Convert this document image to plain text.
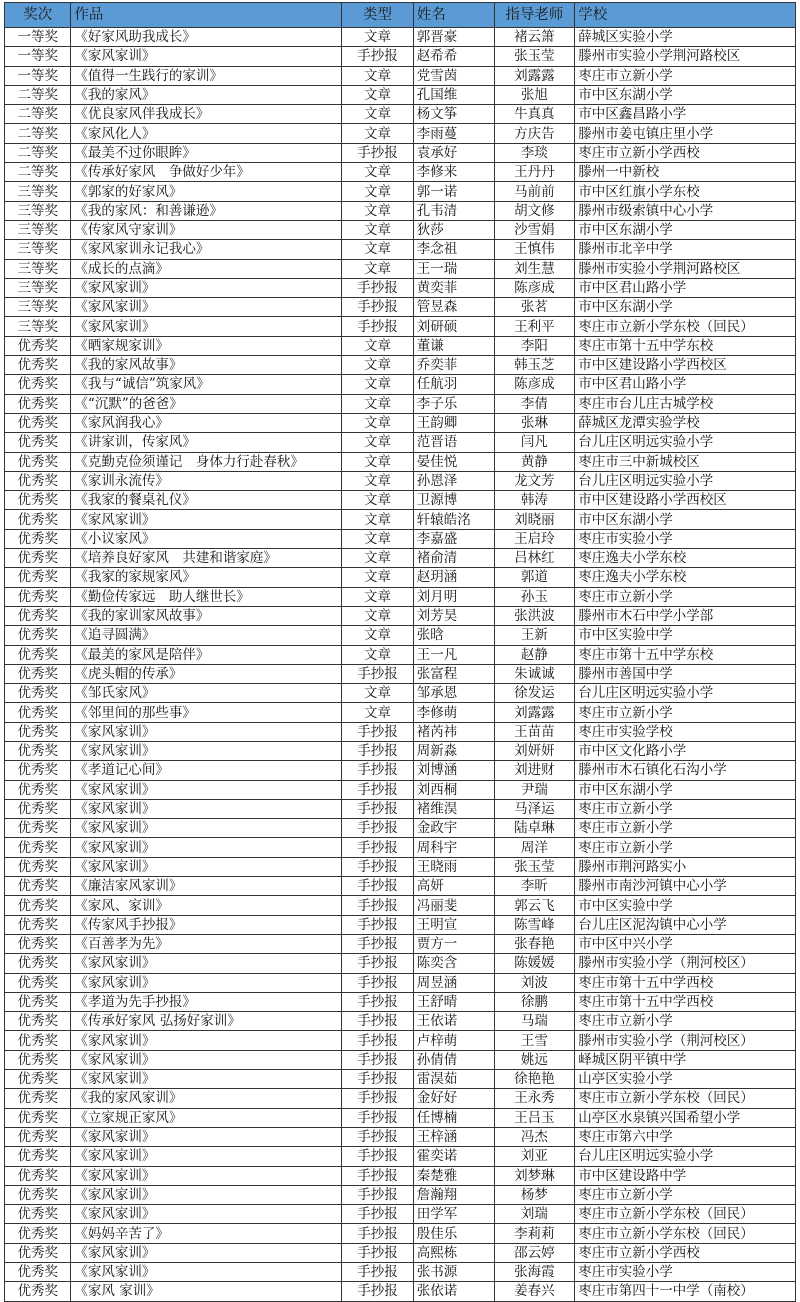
奖次	作品	类型	姓名	指导老师	学校
一等奖	《好家风助我成长》	文章	郭晋豪	褚云箫	薛城区实验小学
一等奖	《家风家训》	手抄报	赵希希	张玉莹	滕州市实验小学荆河路校区
一等奖	《值得一生践行的家训》	文章	党雪茵	刘露露	枣庄市立新小学
二等奖	《我的家风》	文章	孔国维	张旭	市中区东湖小学
二等奖	《优良家风伴我成长》	文章	杨文筝	牛真真	市中区鑫昌路小学
二等奖	《家风化人》	文章	李雨蔓	方庆告	滕州市姜屯镇庄里小学
二等奖	《最美不过你眼眸》	手抄报	袁承好	李琰	枣庄市立新小学西校
二等奖	《传承好家风　争做好少年》	文章	李修来	王丹丹	滕州一中新校
三等奖	《郭家的好家风》	文章	郭一诺	马前前	市中区红旗小学东校
三等奖	《我的家风：和善谦逊》	文章	孔韦清	胡文修	滕州市级索镇中心小学
三等奖	《传家风守家训》	文章	狄莎	沙雪娟	市中区东湖小学
三等奖	《家风家训永记我心》	文章	李念祖	王慎伟	滕州市北辛中学
三等奖	《成长的点滴》	文章	王一瑞	刘生慧	滕州市实验小学荆河路校区
三等奖	《家风家训》	手抄报	黄奕菲	陈彦成	市中区君山路小学
三等奖	《家风家训》	手抄报	管昱森	张茗	市中区东湖小学
三等奖	《家风家训》	手抄报	刘研硕	王利平	枣庄市立新小学东校（回民）
优秀奖	《晒家规家训》	文章	董谦	李阳	枣庄市第十五中学东校
优秀奖	《我的家风故事》	文章	乔奕菲	韩玉芝	市中区建设路小学西校区
优秀奖	《我与“诚信”筑家风》	文章	任航羽	陈彦成	市中区君山路小学
优秀奖	《“沉默”的爸爸》	文章	李子乐	李倩	枣庄市台儿庄古城学校
优秀奖	《家风润我心》	文章	王韵卿	张琳	薛城区龙潭实验学校
优秀奖	《讲家训，传家风》	文章	范晋语	闫凡	台儿庄区明远实验小学
优秀奖	《克勤克俭须谨记　身体力行赴春秋》	文章	晏佳悦	黄静	枣庄市三中新城校区
优秀奖	《家训永流传》	文章	孙恩泽	龙文芳	台儿庄区明远实验小学
优秀奖	《我家的餐桌礼仪》	文章	卫源博	韩涛	市中区建设路小学西校区
优秀奖	《家风家训》	文章	轩辕皓洺	刘晓丽	市中区东湖小学
优秀奖	《小议家风》	文章	李嘉盛	王启玲	枣庄市实验小学
优秀奖	《培养良好家风　共建和谐家庭》	文章	褚俞清	吕林红	枣庄逸夫小学东校
优秀奖	《我家的家规家风》	文章	赵玥涵	郭道	枣庄逸夫小学东校
优秀奖	《勤俭传家远　助人继世长》	文章	刘月明	孙玉	枣庄市立新小学
优秀奖	《我的家训家风故事》	文章	刘芳昊	张洪波	滕州市木石中学小学部
优秀奖	《追寻圆满》	文章	张晗	王新	市中区实验中学
优秀奖	《最美的家风是陪伴》	文章	王一凡	赵静	枣庄市第十五中学东校
优秀奖	《虎头帽的传承》	手抄报	张富程	朱诚诚	滕州市善国中学
优秀奖	《邹氏家风》	文章	邹承恩	徐发运	台儿庄区明远实验小学
优秀奖	《邻里间的那些事》	文章	李修萌	刘露露	枣庄市立新小学
优秀奖	《家风家训》	手抄报	褚芮祎	王苗苗	枣庄市实验学校
优秀奖	《家风家训》	手抄报	周新淼	刘妍妍	市中区文化路小学
优秀奖	《孝道记心间》	手抄报	刘博涵	刘进财	滕州市木石镇化石沟小学
优秀奖	《家风家训》	手抄报	刘西桐	尹瑞	市中区东湖小学
优秀奖	《家风家训》	手抄报	褚维淏	马泽运	枣庄市立新小学
优秀奖	《家风家训》	手抄报	金政宇	陆卓琳	枣庄市立新小学
优秀奖	《家风家训》	手抄报	周科宇	周洋	枣庄市立新小学
优秀奖	《家风家训》	手抄报	王晓雨	张玉莹	滕州市荆河路实小
优秀奖	《廉洁家风家训》	手抄报	高妍	李昕	滕州市南沙河镇中心小学
优秀奖	《家风、家训》	手抄报	冯丽斐	郭云飞	市中区实验中学
优秀奖	《传家风手抄报》	手抄报	王明宣	陈雪峰	台儿庄区泥沟镇中心小学
优秀奖	《百善孝为先》	手抄报	贾方一	张春艳	市中区中兴小学
优秀奖	《家风家训》	手抄报	陈奕含	陈媛媛	滕州市实验小学（荆河校区）
优秀奖	《家风家训》	手抄报	周昱涵	刘波	枣庄市第十五中学西校
优秀奖	《孝道为先手抄报》	手抄报	王舒晴	徐鹏	枣庄市第十五中学西校
优秀奖	《传承好家风 弘扬好家训》	手抄报	王依诺	马瑞	枣庄市立新小学
优秀奖	《家风家训》	手抄报	卢梓萌	王雪	滕州市实验小学（荆河校区）
优秀奖	《家风家训》	手抄报	孙倩倩	姚远	峄城区阴平镇中学
优秀奖	《家风家训》	手抄报	雷淏茹	徐艳艳	山亭区实验小学
优秀奖	《我的家风家训》	手抄报	金好好	王永秀	枣庄市立新小学东校（回民）
优秀奖	《立家规正家风》	手抄报	任博楠	王吕玉	山亭区水泉镇兴国希望小学
优秀奖	《家风家训》	手抄报	王梓涵	冯杰	枣庄市第六中学
优秀奖	《家风家训》	手抄报	霍奕诺	刘亚	台儿庄区明远实验小学
优秀奖	《家风家训》	手抄报	秦楚雅	刘梦琳	市中区建设路中学
优秀奖	《家风家训》	手抄报	詹瀚翔	杨梦	枣庄市立新小学
优秀奖	《家风家训》	手抄报	田学军	刘瑞	枣庄市立新小学东校（回民）
优秀奖	《妈妈辛苦了》	手抄报	殷佳乐	李莉莉	枣庄市立新小学东校（回民）
优秀奖	《家风家训》	手抄报	高熙栋	邵云婷	枣庄市立新小学西校
优秀奖	《家风家训》	手抄报	张书源	张海霞	枣庄市实验小学
优秀奖	《家风 家训》	手抄报	张依诺	姜春兴	枣庄市第四十一中学（南校）
